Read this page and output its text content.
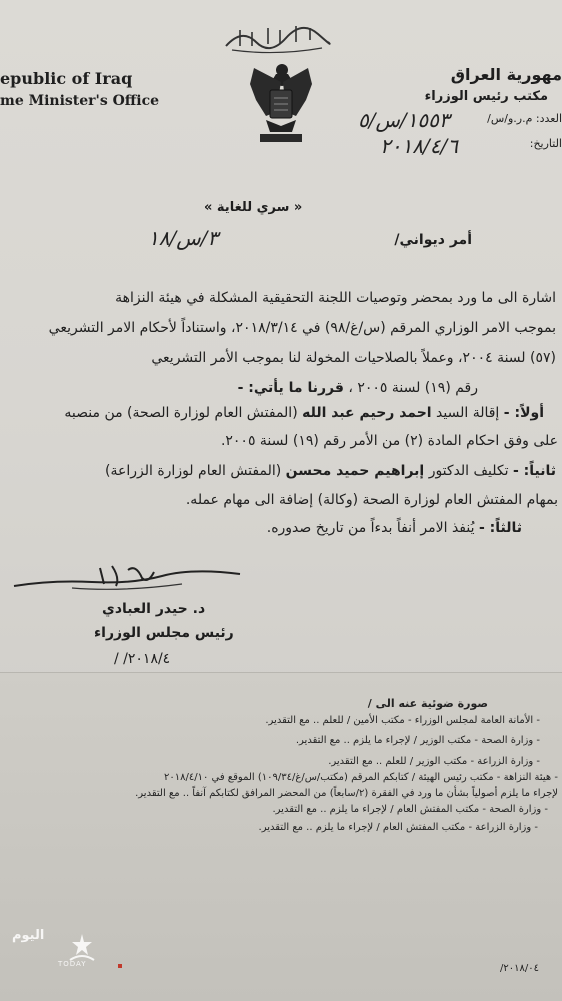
epublic of Iraq
me Minister's Office
مهورية العراق
مكتب رئيس الوزراء
العدد: م.ر.و/س/
التاريخ:
١٥٥٣/س/٥
٢٠١٨/٤/٦
« سري للغاية »
أمر ديواني/
٣/س/١٨
اشارة الى ما ورد بمحضر وتوصيات اللجنة التحقيقية المشكلة في هيئة النزاهة
بموجب الامر الوزاري المرقم (س/غ/٩٨) في ٢٠١٨/٣/١٤، واستناداً لأحكام الامر التشريعي
(٥٧) لسنة ٢٠٠٤، وعملاً بالصلاحيات المخولة لنا بموجب الأمر التشريعي
رقم (١٩) لسنة ٢٠٠٥ ، قررنا ما يأتي: -
أولاً: - إقالة السيد احمد رحيم عبد الله (المفتش العام لوزارة الصحة) من منصبه
على وفق احكام المادة (٢) من الأمر رقم (١٩) لسنة ٢٠٠٥.
ثانياً: - تكليف الدكتور إبراهيم حميد محسن (المفتش العام لوزارة الزراعة)
بمهام المفتش العام لوزارة الصحة (وكالة) إضافة الى مهام عمله.
ثالثاً: - يُنفذ الامر أنفاً بدءاً من تاريخ صدوره.
د. حيدر العبادي
رئيس مجلس الوزراء
٢٠١٨/٤/ /
صورة ضوئية عنه الى /
- الأمانة العامة لمجلس الوزراء - مكتب الأمين / للعلم .. مع التقدير.
- وزارة الصحة - مكتب الوزير / لإجراء ما يلزم .. مع التقدير.
- وزارة الزراعة - مكتب الوزير / للعلم .. مع التقدير.
- هيئة النزاهة - مكتب رئيس الهيئة / كتابكم المرقم (مكتب/س/غ/١٠٩/٣٤) الموقع في ٢٠١٨/٤/١٠
لإجراء ما يلزم أصولياً بشأن ما ورد في الفقرة (٢/سابعاً) من المحضر المرافق لكتابكم آنفاً .. مع التقدير.
- وزارة الصحة - مكتب المفتش العام / لإجراء ما يلزم .. مع التقدير.
- وزارة الزراعة - مكتب المفتش العام / لإجراء ما يلزم .. مع التقدير.
٢٠١٨/٠٤/
اليوم
TODAY
